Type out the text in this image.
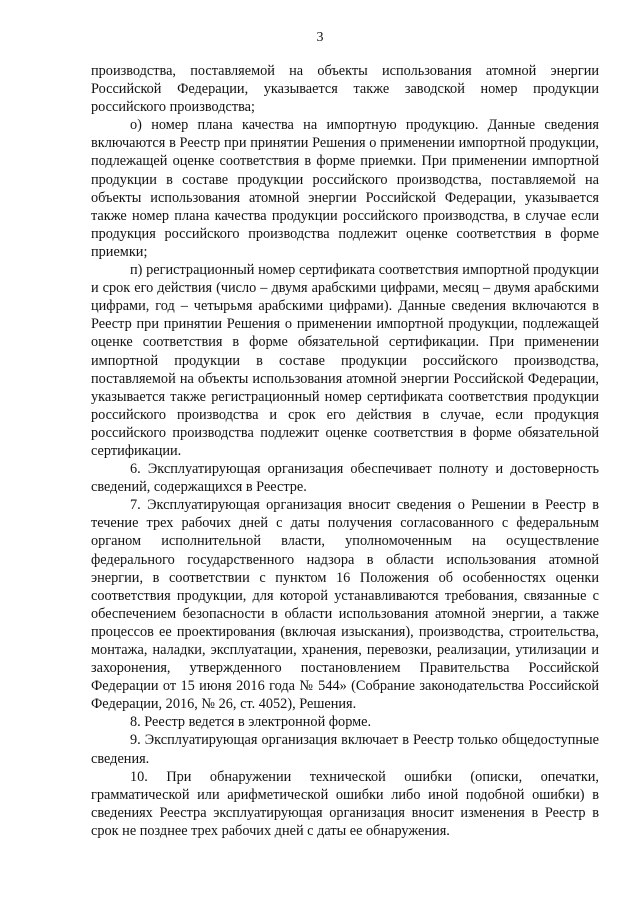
3

производства, поставляемой на объекты использования атомной энергии Российской Федерации, указывается также заводской номер продукции российского производства;

о) номер плана качества на импортную продукцию. Данные сведения включаются в Реестр при принятии Решения о применении импортной продукции, подлежащей оценке соответствия в форме приемки. При применении импортной продукции в составе продукции российского производства, поставляемой на объекты использования атомной энергии Российской Федерации, указывается также номер плана качества продукции российского производства, в случае если продукция российского производства подлежит оценке соответствия в форме приемки;

п) регистрационный номер сертификата соответствия импортной продукции и срок его действия (число – двумя арабскими цифрами, месяц – двумя арабскими цифрами, год – четырьмя арабскими цифрами). Данные сведения включаются в Реестр при принятии Решения о применении импортной продукции, подлежащей оценке соответствия в форме обязательной сертификации. При применении импортной продукции в составе продукции российского производства, поставляемой на объекты использования атомной энергии Российской Федерации, указывается также регистрационный номер сертификата соответствия продукции российского производства и срок его действия в случае, если продукция российского производства подлежит оценке соответствия в форме обязательной сертификации.

6. Эксплуатирующая организация обеспечивает полноту и достоверность сведений, содержащихся в Реестре.

7. Эксплуатирующая организация вносит сведения о Решении в Реестр в течение трех рабочих дней с даты получения согласованного с федеральным органом исполнительной власти, уполномоченным на осуществление федерального государственного надзора в области использования атомной энергии, в соответствии с пунктом 16 Положения об особенностях оценки соответствия продукции, для которой устанавливаются требования, связанные с обеспечением безопасности в области использования атомной энергии, а также процессов ее проектирования (включая изыскания), производства, строительства, монтажа, наладки, эксплуатации, хранения, перевозки, реализации, утилизации и захоронения, утвержденного постановлением Правительства Российской Федерации от 15 июня 2016 года № 544» (Собрание законодательства Российской Федерации, 2016, № 26, ст. 4052), Решения.

8. Реестр ведется в электронной форме.

9. Эксплуатирующая организация включает в Реестр только общедоступные сведения.

10. При обнаружении технической ошибки (описки, опечатки, грамматической или арифметической ошибки либо иной подобной ошибки) в сведениях Реестра эксплуатирующая организация вносит изменения в Реестр в срок не позднее трех рабочих дней с даты ее обнаружения.
